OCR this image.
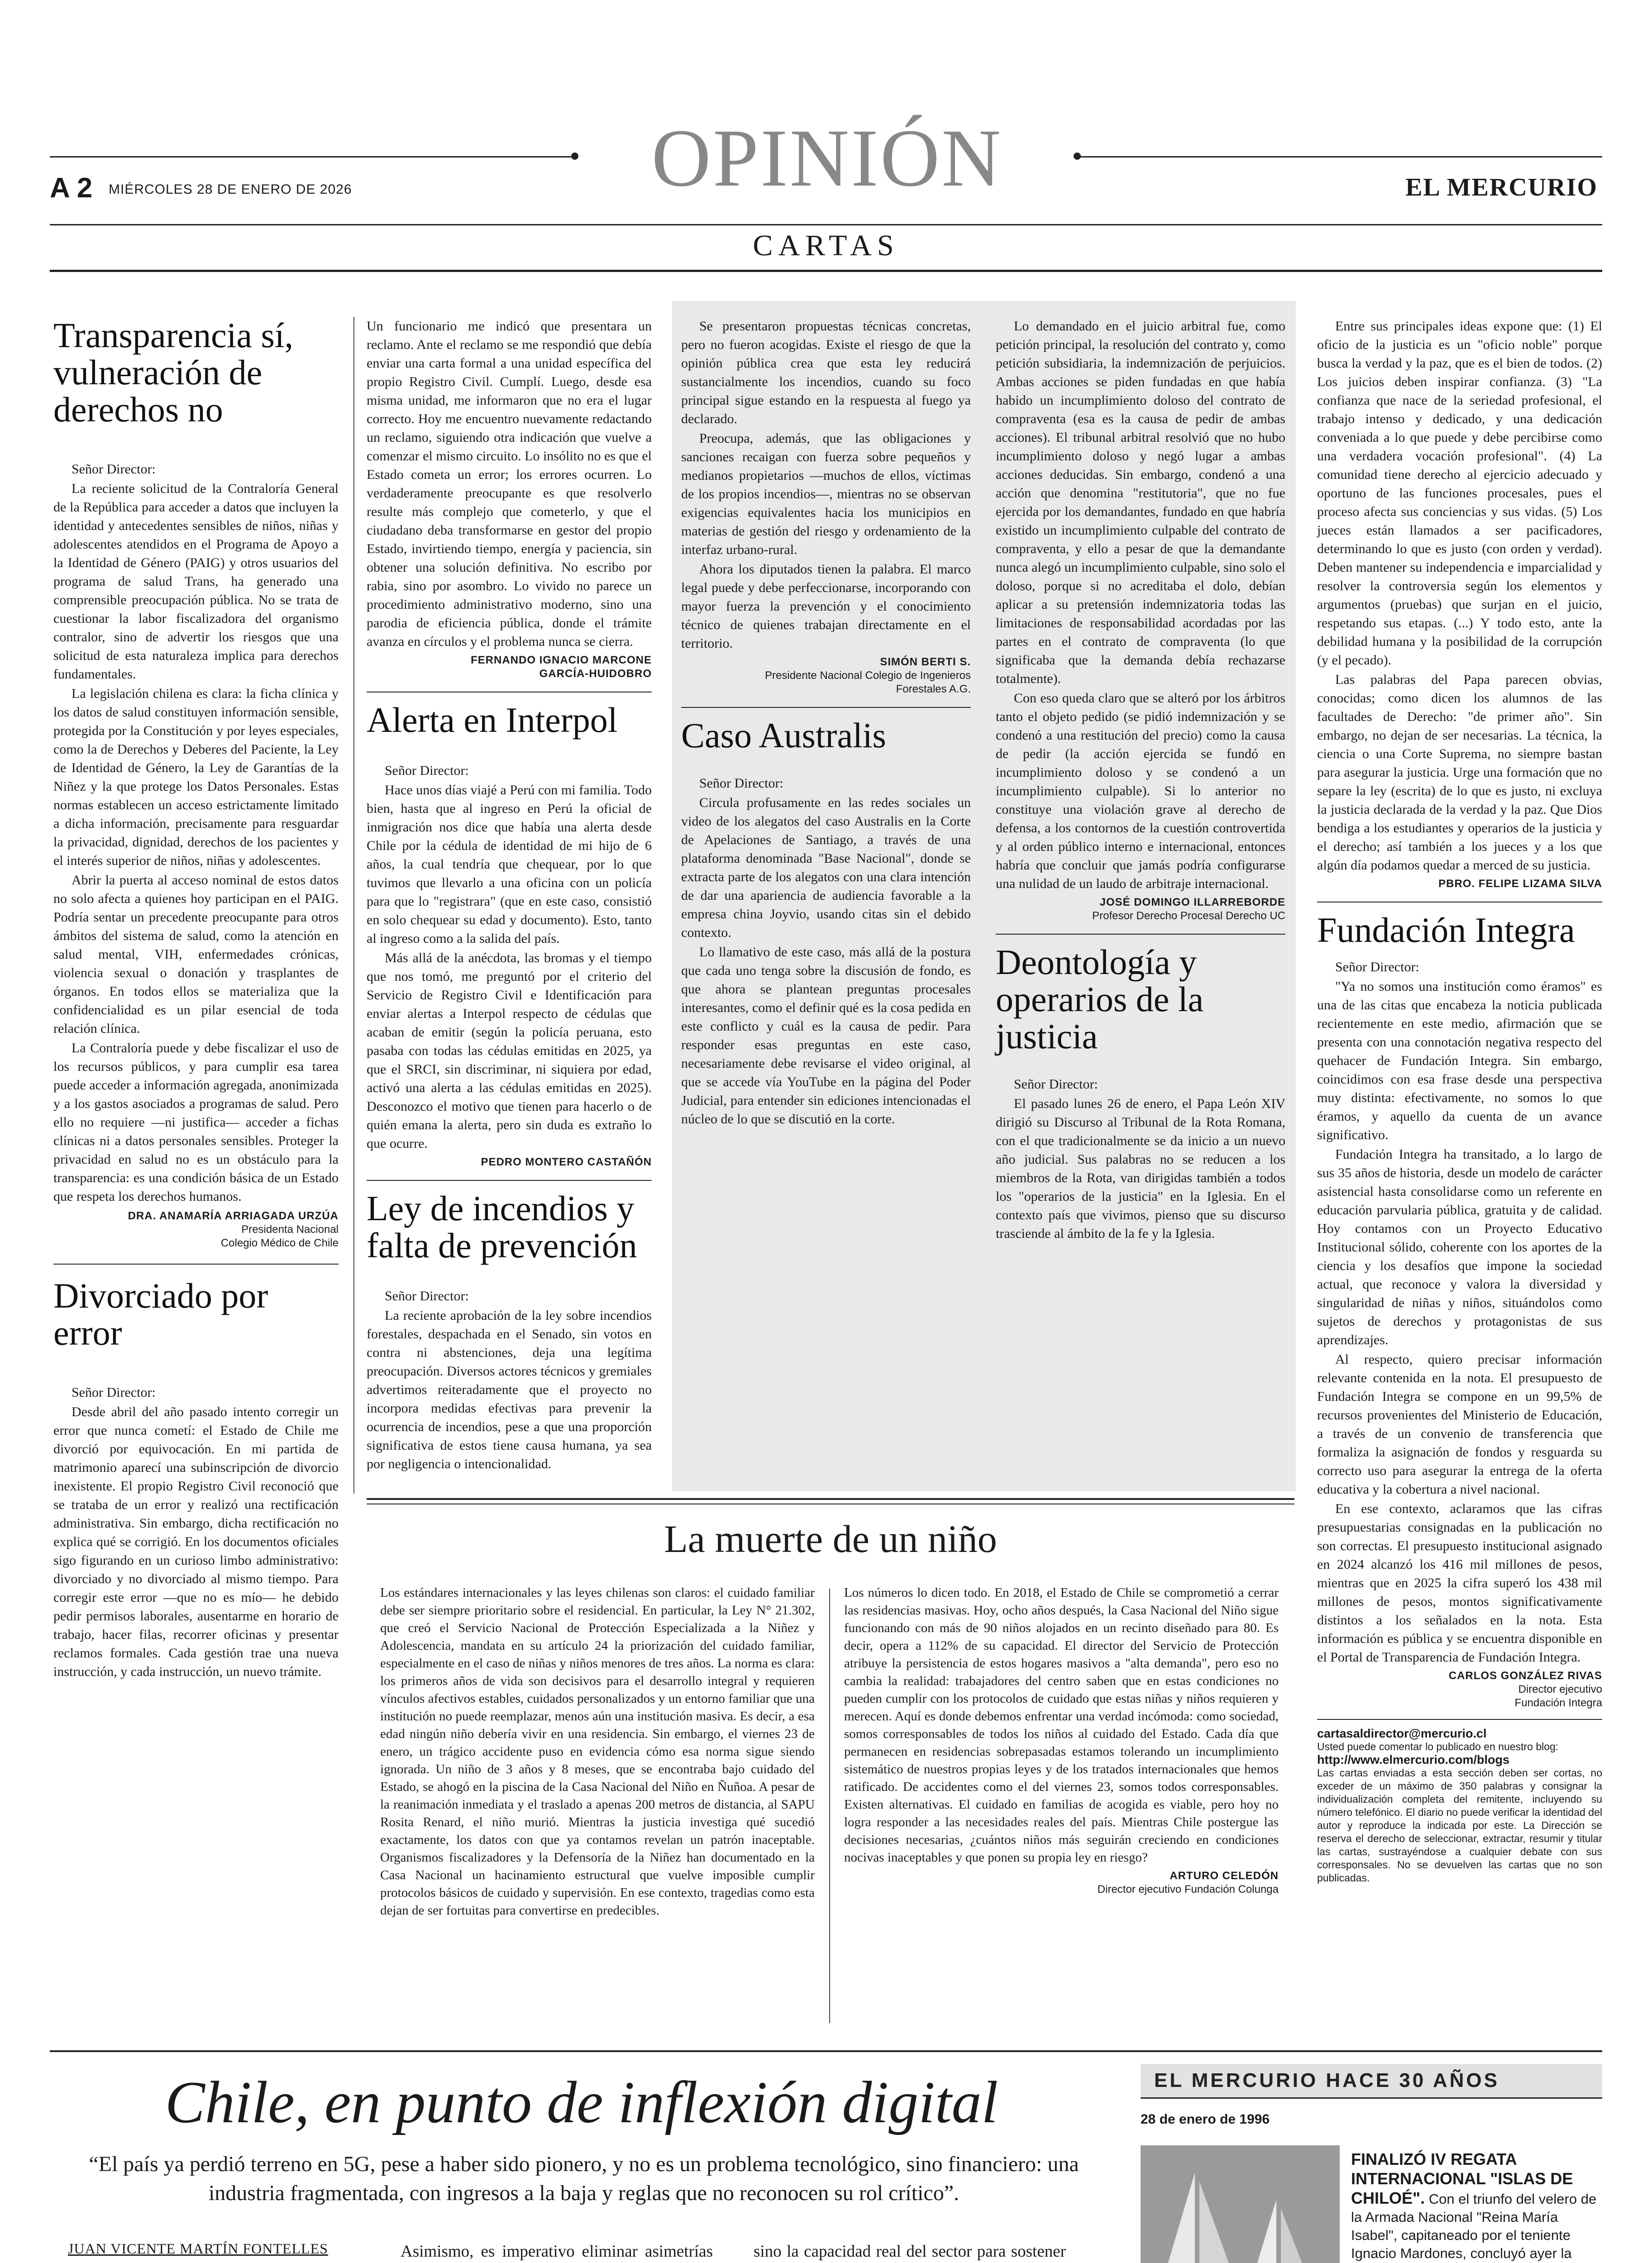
OPINIÓN
A 2 MIÉRCOLES 28 DE ENERO DE 2026	EL MERCURIO
CARTAS
Transparencia sí, vulneración de derechos no
Señor Director:

La reciente solicitud de la Contraloría General de la República para acceder a datos que incluyen la identidad y antecedentes sensibles de niños, niñas y adolescentes atendidos en el Programa de Apoyo a la Identidad de Género (PAIG) y otros usuarios del programa de salud Trans, ha generado una comprensible preocupación pública. No se trata de cuestionar la labor fiscalizadora del organismo contralor, sino de advertir los riesgos que una solicitud de esta naturaleza implica para derechos fundamentales.

La legislación chilena es clara: la ficha clínica y los datos de salud constituyen información sensible, protegida por la Constitución y por leyes especiales, como la de Derechos y Deberes del Paciente, la Ley de Identidad de Género, la Ley de Garantías de la Niñez y la que protege los Datos Personales. Estas normas establecen un acceso estrictamente limitado a dicha información, precisamente para resguardar la privacidad, dignidad, derechos de los pacientes y el interés superior de niños, niñas y adolescentes.

Abrir la puerta al acceso nominal de estos datos no solo afecta a quienes hoy participan en el PAIG. Podría sentar un precedente preocupante para otros ámbitos del sistema de salud, como la atención en salud mental, VIH, enfermedades crónicas, violencia sexual o donación y trasplantes de órganos. En todos ellos se materializa que la confidencialidad es un pilar esencial de toda relación clínica.

La Contraloría puede y debe fiscalizar el uso de los recursos públicos, y para cumplir esa tarea puede acceder a información agregada, anonimizada y a los gastos asociados a programas de salud. Pero ello no requiere —ni justifica— acceder a fichas clínicas ni a datos personales sensibles. Proteger la privacidad en salud no es un obstáculo para la transparencia: es una condición básica de un Estado que respeta los derechos humanos.

DRA. ANAMARÍA ARRIAGADA URZÚA
Presidenta Nacional
Colegio Médico de Chile
Divorciado por error
Señor Director:

Desde abril del año pasado intento corregir un error que nunca cometí: el Estado de Chile me divorció por equivocación. En mi partida de matrimonio aparecí una subinscripción de divorcio inexistente. El propio Registro Civil reconoció que se trataba de un error y realizó una rectificación administrativa. Sin embargo, dicha rectificación no explica qué se corrigió. En los documentos oficiales sigo figurando en un curioso limbo administrativo: divorciado y no divorciado al mismo tiempo. Para corregir este error —que no es mío— he debido pedir permisos laborales, ausentarme en horario de trabajo, hacer filas, recorrer oficinas y presentar reclamos formales. Cada gestión trae una nueva instrucción, y cada instrucción, un nuevo trámite.

Un funcionario me indicó que presentara un reclamo. Ante el reclamo se me respondió que debía enviar una carta formal a una unidad específica del propio Registro Civil. Cumplí. Luego, desde esa misma unidad, me informaron que no era el lugar correcto. Hoy me encuentro nuevamente redactando un reclamo, siguiendo otra indicación que vuelve a comenzar el mismo circuito. Lo insólito no es que el Estado cometa un error; los errores ocurren. Lo verdaderamente preocupante es que resolverlo resulte más complejo que cometerlo, y que el ciudadano deba transformarse en gestor del propio Estado, invirtiendo tiempo, energía y paciencia, sin obtener una solución definitiva. No escribo por rabia, sino por asombro. Lo vivido no parece un procedimiento administrativo moderno, sino una parodia de eficiencia pública, donde el trámite avanza en círculos y el problema nunca se cierra.

FERNANDO IGNACIO MARCONE
GARCÍA-HUIDOBRO
Alerta en Interpol
Señor Director:

Hace unos días viajé a Perú con mi familia. Todo bien, hasta que al ingreso en Perú la oficial de inmigración nos dice que había una alerta desde Chile por la cédula de identidad de mi hijo de 6 años, la cual tendría que chequear, por lo que tuvimos que llevarlo a una oficina con un policía para que lo "registrara" (que en este caso, consistió en solo chequear su edad y documento). Esto, tanto al ingreso como a la salida del país.

Más allá de la anécdota, las bromas y el tiempo que nos tomó, me preguntó por el criterio del Servicio de Registro Civil e Identificación para enviar alertas a Interpol respecto de cédulas que acaban de emitir (según la policía peruana, esto pasaba con todas las cédulas emitidas en 2025, ya que el SRCI, sin discriminar, ni siquiera por edad, activó una alerta a las cédulas emitidas en 2025). Desconozco el motivo que tienen para hacerlo o de quién emana la alerta, pero sin duda es extraño lo que ocurre.

PEDRO MONTERO CASTAÑÓN
Ley de incendios y falta de prevención
Señor Director:

La reciente aprobación de la ley sobre incendios forestales, despachada en el Senado, sin votos en contra ni abstenciones, deja una legítima preocupación. Diversos actores técnicos y gremiales advertimos reiteradamente que el proyecto no incorpora medidas efectivas para prevenir la ocurrencia de incendios, pese a que una proporción significativa de estos tiene causa humana, ya sea por negligencia o intencionalidad.

Se presentaron propuestas técnicas concretas, pero no fueron acogidas. Existe el riesgo de que la opinión pública crea que esta ley reducirá sustancialmente los incendios, cuando su foco principal sigue estando en la respuesta al fuego ya declarado.

Preocupa, además, que las obligaciones y sanciones recaigan con fuerza sobre pequeños y medianos propietarios —muchos de ellos, víctimas de los propios incendios—, mientras no se observan exigencias equivalentes hacia los municipios en materias de gestión del riesgo y ordenamiento de la interfaz urbano-rural.

Ahora los diputados tienen la palabra. El marco legal puede y debe perfeccionarse, incorporando con mayor fuerza la prevención y el conocimiento técnico de quienes trabajan directamente en el territorio.

SIMÓN BERTI S.
Presidente Nacional Colegio de Ingenieros
Forestales A.G.
Caso Australis
Señor Director:

Circula profusamente en las redes sociales un video de los alegatos del caso Australis en la Corte de Apelaciones de Santiago, a través de una plataforma denominada "Base Nacional", donde se extracta parte de los alegatos con una clara intención de dar una apariencia de audiencia favorable a la empresa china Joyvio, usando citas sin el debido contexto.

Lo llamativo de este caso, más allá de la postura que cada uno tenga sobre la discusión de fondo, es que ahora se plantean preguntas procesales interesantes, como el definir qué es la cosa pedida en este conflicto y cuál es la causa de pedir. Para responder esas preguntas en este caso, necesariamente debe revisarse el video original, al que se accede vía YouTube en la página del Poder Judicial, para entender sin ediciones intencionadas el núcleo de lo que se discutió en la corte.

Lo demandado en el juicio arbitral fue, como petición principal, la resolución del contrato y, como petición subsidiaria, la indemnización de perjuicios. Ambas acciones se piden fundadas en que había habido un incumplimiento doloso del contrato de compraventa (esa es la causa de pedir de ambas acciones). El tribunal arbitral resolvió que no hubo incumplimiento doloso y negó lugar a ambas acciones deducidas. Sin embargo, condenó a una acción que denomina "restitutoria", que no fue ejercida por los demandantes, fundado en que habría existido un incumplimiento culpable del contrato de compraventa, y ello a pesar de que la demandante nunca alegó un incumplimiento culpable, sino solo el doloso, porque si no acreditaba el dolo, debían aplicar a su pretensión indemnizatoria todas las limitaciones de responsabilidad acordadas por las partes en el contrato de compraventa (lo que significaba que la demanda debía rechazarse totalmente).

Con eso queda claro que se alteró por los árbitros tanto el objeto pedido (se pidió indemnización y se condenó a una restitución del precio) como la causa de pedir (la acción ejercida se fundó en incumplimiento doloso y se condenó a un incumplimiento culpable). Si lo anterior no constituye una violación grave al derecho de defensa, a los contornos de la cuestión controvertida y al orden público interno e internacional, entonces habría que concluir que jamás podría configurarse una nulidad de un laudo de arbitraje internacional.

JOSÉ DOMINGO ILLARREBORDE
Profesor Derecho Procesal Derecho UC
Deontología y operarios de la justicia
Señor Director:

El pasado lunes 26 de enero, el Papa León XIV dirigió su Discurso al Tribunal de la Rota Romana, con el que tradicionalmente se da inicio a un nuevo año judicial. Sus palabras no se reducen a los miembros de la Rota, van dirigidas también a todos los "operarios de la justicia" en la Iglesia. En el contexto país que vivimos, pienso que su discurso trasciende al ámbito de la fe y la Iglesia.

Entre sus principales ideas expone que: (1) El oficio de la justicia es un "oficio noble" porque busca la verdad y la paz, que es el bien de todos. (2) Los juicios deben inspirar confianza. (3) "La confianza que nace de la seriedad profesional, el trabajo intenso y dedicado, y una dedicación conveniada a lo que puede y debe percibirse como una verdadera vocación profesional". (4) La comunidad tiene derecho al ejercicio adecuado y oportuno de las funciones procesales, pues el proceso afecta sus conciencias y sus vidas. (5) Los jueces están llamados a ser pacificadores, determinando lo que es justo (con orden y verdad). Deben mantener su independencia e imparcialidad y resolver la controversia según los elementos y argumentos (pruebas) que surjan en el juicio, respetando sus etapas. (...) Y todo esto, ante la debilidad humana y la posibilidad de la corrupción (y el pecado).

Las palabras del Papa parecen obvias, conocidas; como dicen los alumnos de las facultades de Derecho: "de primer año". Sin embargo, no dejan de ser necesarias. La técnica, la ciencia o una Corte Suprema, no siempre bastan para asegurar la justicia. Urge una formación que no separe la ley (escrita) de lo que es justo, ni excluya la justicia declarada de la verdad y la paz. Que Dios bendiga a los estudiantes y operarios de la justicia y el derecho; así también a los jueces y a los que algún día podamos quedar a merced de su justicia.

PBRO. FELIPE LIZAMA SILVA
Fundación Integra
Señor Director:

"Ya no somos una institución como éramos" es una de las citas que encabeza la noticia publicada recientemente en este medio, afirmación que se presenta con una connotación negativa respecto del quehacer de Fundación Integra. Sin embargo, coincidimos con esa frase desde una perspectiva muy distinta: efectivamente, no somos lo que éramos, y aquello da cuenta de un avance significativo.

Fundación Integra ha transitado, a lo largo de sus 35 años de historia, desde un modelo de carácter asistencial hasta consolidarse como un referente en educación parvularia pública, gratuita y de calidad. Hoy contamos con un Proyecto Educativo Institucional sólido, coherente con los aportes de la ciencia y los desafíos que impone la sociedad actual, que reconoce y valora la diversidad y singularidad de niñas y niños, situándolos como sujetos de derechos y protagonistas de sus aprendizajes.

Al respecto, quiero precisar información relevante contenida en la nota. El presupuesto de Fundación Integra se compone en un 99,5% de recursos provenientes del Ministerio de Educación, a través de un convenio de transferencia que formaliza la asignación de fondos y resguarda su correcto uso para asegurar la entrega de la oferta educativa y la cobertura a nivel nacional.

En ese contexto, aclaramos que las cifras presupuestarias consignadas en la publicación no son correctas. El presupuesto institucional asignado en 2024 alcanzó los 416 mil millones de pesos, mientras que en 2025 la cifra superó los 438 mil millones de pesos, montos significativamente distintos a los señalados en la nota. Esta información es pública y se encuentra disponible en el Portal de Transparencia de Fundación Integra.

CARLOS GONZÁLEZ RIVAS
Director ejecutivo
Fundación Integra
cartasaldirector@mercurio.cl
Usted puede comentar lo publicado en nuestro blog:
http://www.elmercurio.com/blogs
Las cartas enviadas a esta sección deben ser cortas, no exceder de un máximo de 350 palabras y consignar la individualización completa del remitente, incluyendo su número telefónico. El diario no puede verificar la identidad del autor y reproduce la indicada por este. La Dirección se reserva el derecho de seleccionar, extractar, resumir y titular las cartas, sustrayéndose a cualquier debate con sus corresponsales. No se devuelven las cartas que no son publicadas.
La muerte de un niño
Los estándares internacionales y las leyes chilenas son claros: el cuidado familiar debe ser siempre prioritario sobre el residencial. En particular, la Ley N° 21.302, que creó el Servicio Nacional de Protección Especializada a la Niñez y Adolescencia, mandata en su artículo 24 la priorización del cuidado familiar, especialmente en el caso de niñas y niños menores de tres años. La norma es clara: los primeros años de vida son decisivos para el desarrollo integral y requieren vínculos afectivos estables, cuidados personalizados y un entorno familiar que una institución no puede reemplazar, menos aún una institución masiva. Es decir, a esa edad ningún niño debería vivir en una residencia. Sin embargo, el viernes 23 de enero, un trágico accidente puso en evidencia cómo esa norma sigue siendo ignorada. Un niño de 3 años y 8 meses, que se encontraba bajo cuidado del Estado, se ahogó en la piscina de la Casa Nacional del Niño en Ñuñoa. A pesar de la reanimación inmediata y el traslado a apenas 200 metros de distancia, al SAPU Rosita Renard, el niño murió. Mientras la justicia investiga qué sucedió exactamente, los datos con que ya contamos revelan un patrón inaceptable. Organismos fiscalizadores y la Defensoría de la Niñez han documentado en la Casa Nacional un hacinamiento estructural que vuelve imposible cumplir protocolos básicos de cuidado y supervisión. En ese contexto, tragedias como esta dejan de ser fortuitas para convertirse en predecibles.
Los números lo dicen todo. En 2018, el Estado de Chile se comprometió a cerrar las residencias masivas. Hoy, ocho años después, la Casa Nacional del Niño sigue funcionando con más de 90 niños alojados en un recinto diseñado para 80. Es decir, opera a 112% de su capacidad. El director del Servicio de Protección atribuye la persistencia de estos hogares masivos a "alta demanda", pero eso no cambia la realidad: trabajadores del centro saben que en estas condiciones no pueden cumplir con los protocolos de cuidado que estas niñas y niños requieren y merecen. Aquí es donde debemos enfrentar una verdad incómoda: como sociedad, somos corresponsables de todos los niños al cuidado del Estado. Cada día que permanecen en residencias sobrepasadas estamos tolerando un incumplimiento sistemático de nuestros propias leyes y de los tratados internacionales que hemos ratificado. De accidentes como el del viernes 23, somos todos corresponsables. Existen alternativas. El cuidado en familias de acogida es viable, pero hoy no logra responder a las necesidades reales del país. Mientras Chile postergue las decisiones necesarias, ¿cuántos niños más seguirán creciendo en condiciones nocivas inaceptables y que ponen su propia ley en riesgo?
ARTURO CELEDÓN
Director ejecutivo Fundación Colunga
Chile, en punto de inflexión digital
“El país ya perdió terreno en 5G, pese a haber sido pionero, y no es un problema tecnológico, sino financiero: una industria fragmentada, con ingresos a la baja y reglas que no reconocen su rol crítico”.
JUAN VICENTE MARTÍN FONTELLES	Asimismo, es imperativo eliminar asimetrías sino la capacidad real del sector para sostener

EL MERCURIO HACE 30 AÑOS
28 de enero de 1996
FINALIZÓ IV REGATA INTERNACIONAL "ISLAS DE CHILOÉ". Con el triunfo del velero de la Armada Nacional "Reina María Isabel", capitaneado por el teniente Ignacio Mardones, concluyó ayer la
